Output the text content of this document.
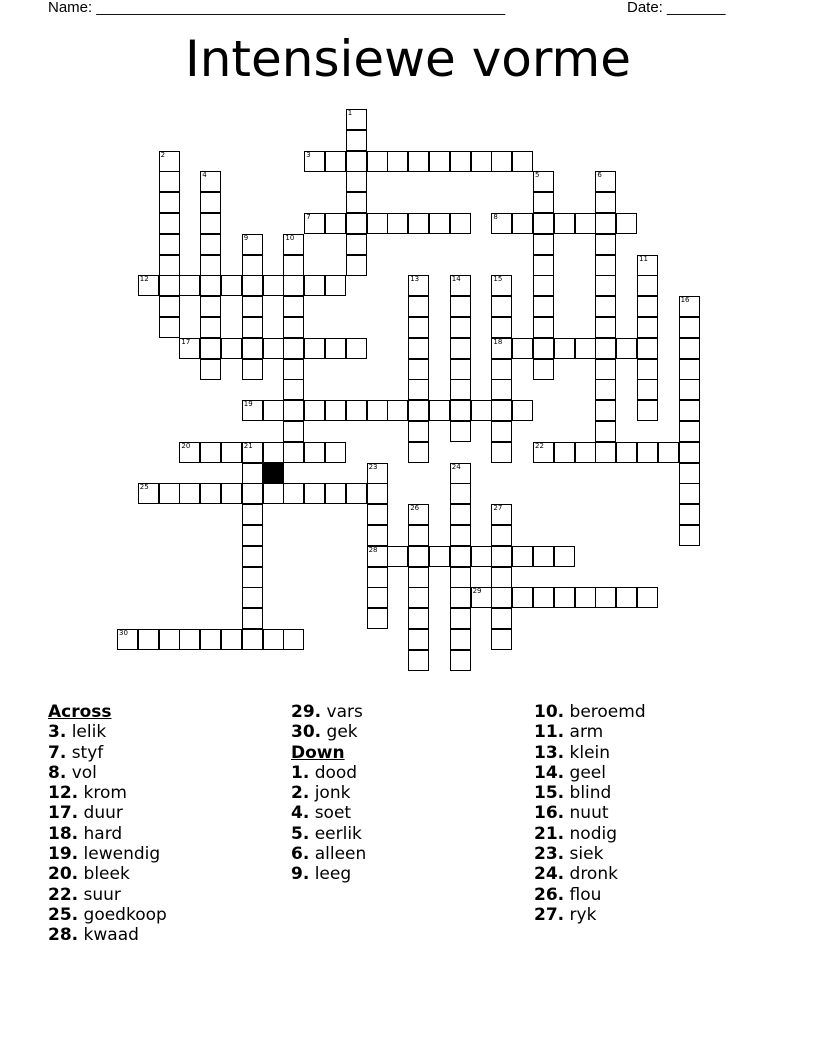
Name: _________________________________________________

	Date: _______

Intensiewe vorme
1
2	3
4	5	6
7	8
9	10
11
12	13	14	15
18
16
17
19
20	21	22
23
28
24
25
26	27
29
30
Across
3. lelik
7. styf
8. vol
12. krom
17. duur
18. hard
19. lewendig
20. bleek
22. suur
25. goedkoop
28. kwaad
29. vars
30. gek
Down
1. dood
2. jonk
4. soet
5. eerlik
6. alleen
9. leeg
10. beroemd
11. arm
13. klein
14. geel
15. blind
16. nuut
21. nodig
23. siek
24. dronk
26. flou
27. ryk
